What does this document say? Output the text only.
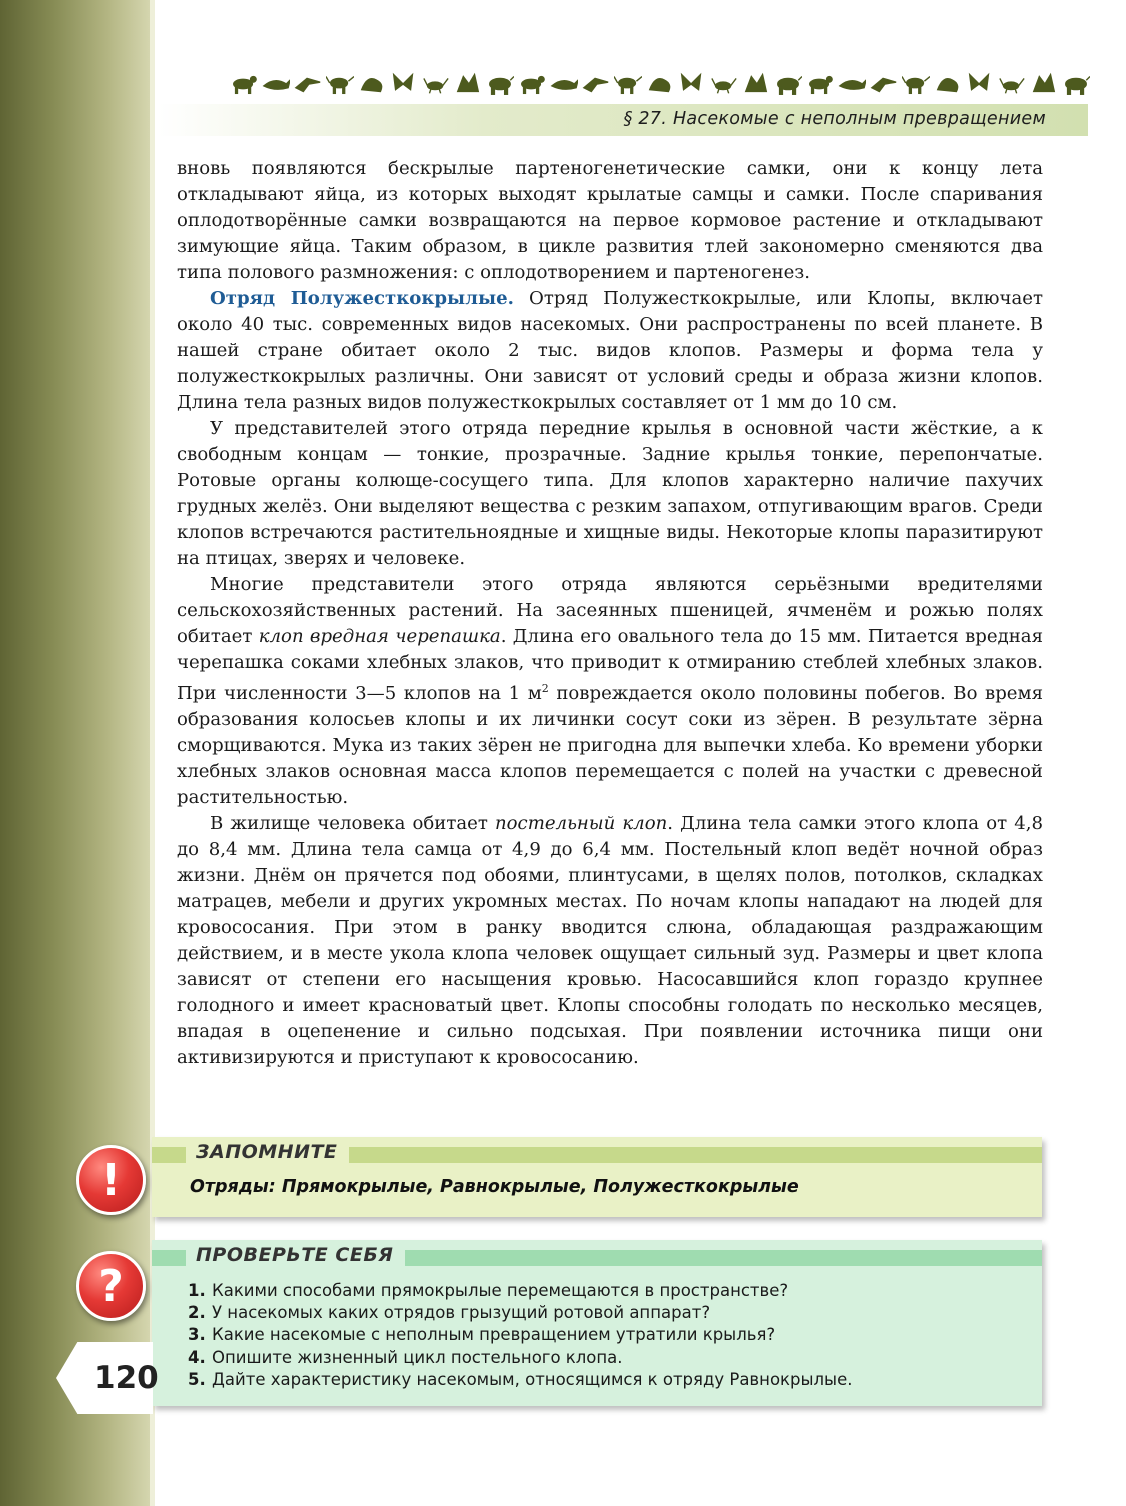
§ 27. Насекомые с неполным превращением

вновь появляются бескрылые партеногенетические самки, они к концу лета откладывают яйца, из которых выходят крылатые самцы и самки. После спаривания оплодотворённые самки возвращаются на первое кормовое растение и откладывают зимующие яйца. Таким образом, в цикле развития тлей закономерно сменяются два типа полового размножения: с оплодотворением и партеногенез.

Отряд Полужесткокрылые. Отряд Полужесткокрылые, или Клопы, включает около 40 тыс. современных видов насекомых. Они распространены по всей планете. В нашей стране обитает около 2 тыс. видов клопов. Размеры и форма тела у полужесткокрылых различны. Они зависят от условий среды и образа жизни клопов. Длина тела разных видов полужесткокрылых составляет от 1 мм до 10 см.

У представителей этого отряда передние крылья в основной части жёсткие, а к свободным концам — тонкие, прозрачные. Задние крылья тонкие, перепончатые. Ротовые органы колюще-сосущего типа. Для клопов характерно наличие пахучих грудных желёз. Они выделяют вещества с резким запахом, отпугивающим врагов. Среди клопов встречаются растительноядные и хищные виды. Некоторые клопы паразитируют на птицах, зверях и человеке.

Многие представители этого отряда являются серьёзными вредителями сельскохозяйственных растений. На засеянных пшеницей, ячменём и рожью полях обитает клоп вредная черепашка. Длина его овального тела до 15 мм. Питается вредная черепашка соками хлебных злаков, что приводит к отмиранию стеблей хлебных злаков. При численности 3—5 клопов на 1 $м^2$ повреждается около половины побегов. Во время образования колосьев клопы и их личинки сосут соки из зёрен. В результате зёрна сморщиваются. Мука из таких зёрен не пригодна для выпечки хлеба. Ко времени уборки хлебных злаков основная масса клопов перемещается с полей на участки с древесной растительностью.

В жилище человека обитает постельный клоп. Длина тела самки этого клопа от 4,8 до 8,4 мм. Длина тела самца от 4,9 до 6,4 мм. Постельный клоп ведёт ночной образ жизни. Днём он прячется под обоями, плинтусами, в щелях полов, потолков, складках матрацев, мебели и других укромных местах. По ночам клопы нападают на людей для кровососания. При этом в ранку вводится слюна, обладающая раздражающим действием, и в месте укола клопа человек ощущает сильный зуд. Размеры и цвет клопа зависят от степени его насыщения кровью. Насосавшийся клоп гораздо крупнее голодного и имеет красноватый цвет. Клопы способны голодать по несколько месяцев, впадая в оцепенение и сильно подсыхая. При появлении источника пищи они активизируются и приступают к кровососанию.

!

ЗАПОМНИТЕ

Отряды: Прямокрылые, Равнокрылые, Полужесткокрылые

?

ПРОВЕРЬТЕ СЕБЯ

1. Какими способами прямокрылые перемещаются в пространстве?
2. У насекомых каких отрядов грызущий ротовой аппарат?
3. Какие насекомые с неполным превращением утратили крылья?
4. Опишите жизненный цикл постельного клопа.
5. Дайте характеристику насекомым, относящимся к отряду Равнокрылые.

120
